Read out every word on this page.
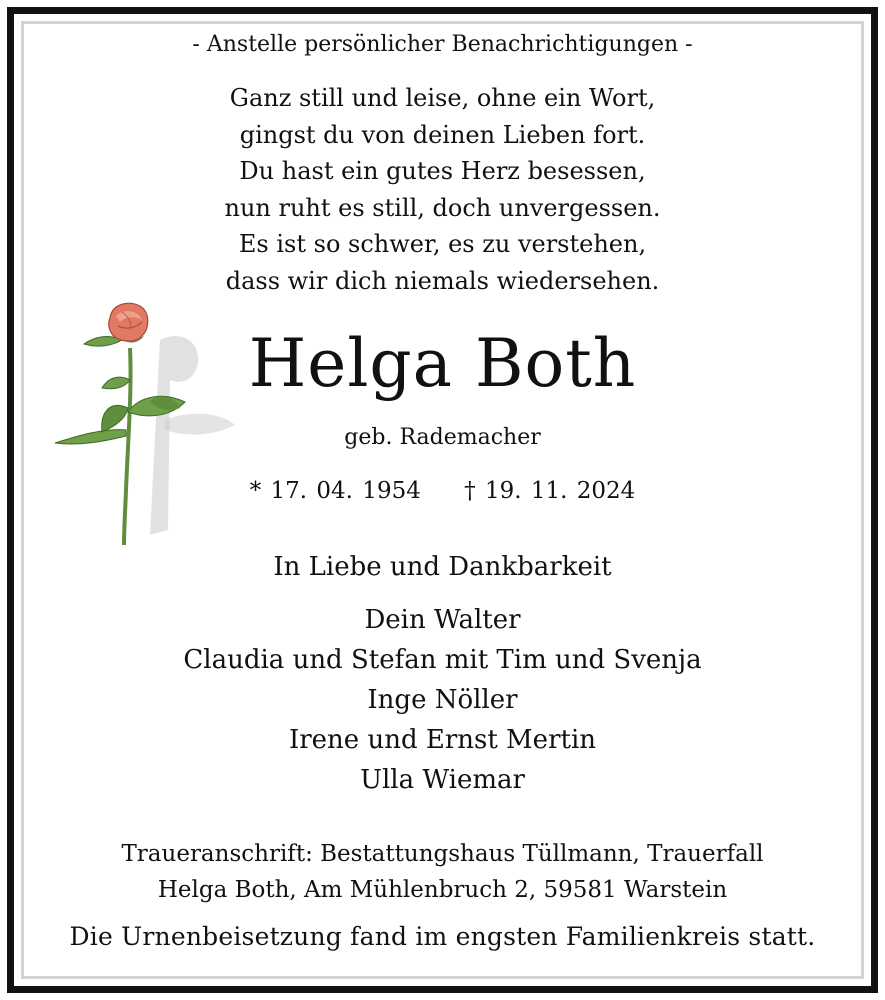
- Anstelle persönlicher Benachrichtigungen -
Ganz still und leise, ohne ein Wort,
gingst du von deinen Lieben fort.
Du hast ein gutes Herz besessen,
nun ruht es still, doch unvergessen.
Es ist so schwer, es zu verstehen,
dass wir dich niemals wiedersehen.
Helga Both
geb. Rademacher
* 17. 04. 1954 † 19. 11. 2024
In Liebe und Dankbarkeit
Dein Walter
Claudia und Stefan mit Tim und Svenja
Inge Nöller
Irene und Ernst Mertin
Ulla Wiemar
Traueranschrift: Bestattungshaus Tüllmann, Trauerfall
Helga Both, Am Mühlenbruch 2, 59581 Warstein
Die Urnenbeisetzung fand im engsten Familienkreis statt.
